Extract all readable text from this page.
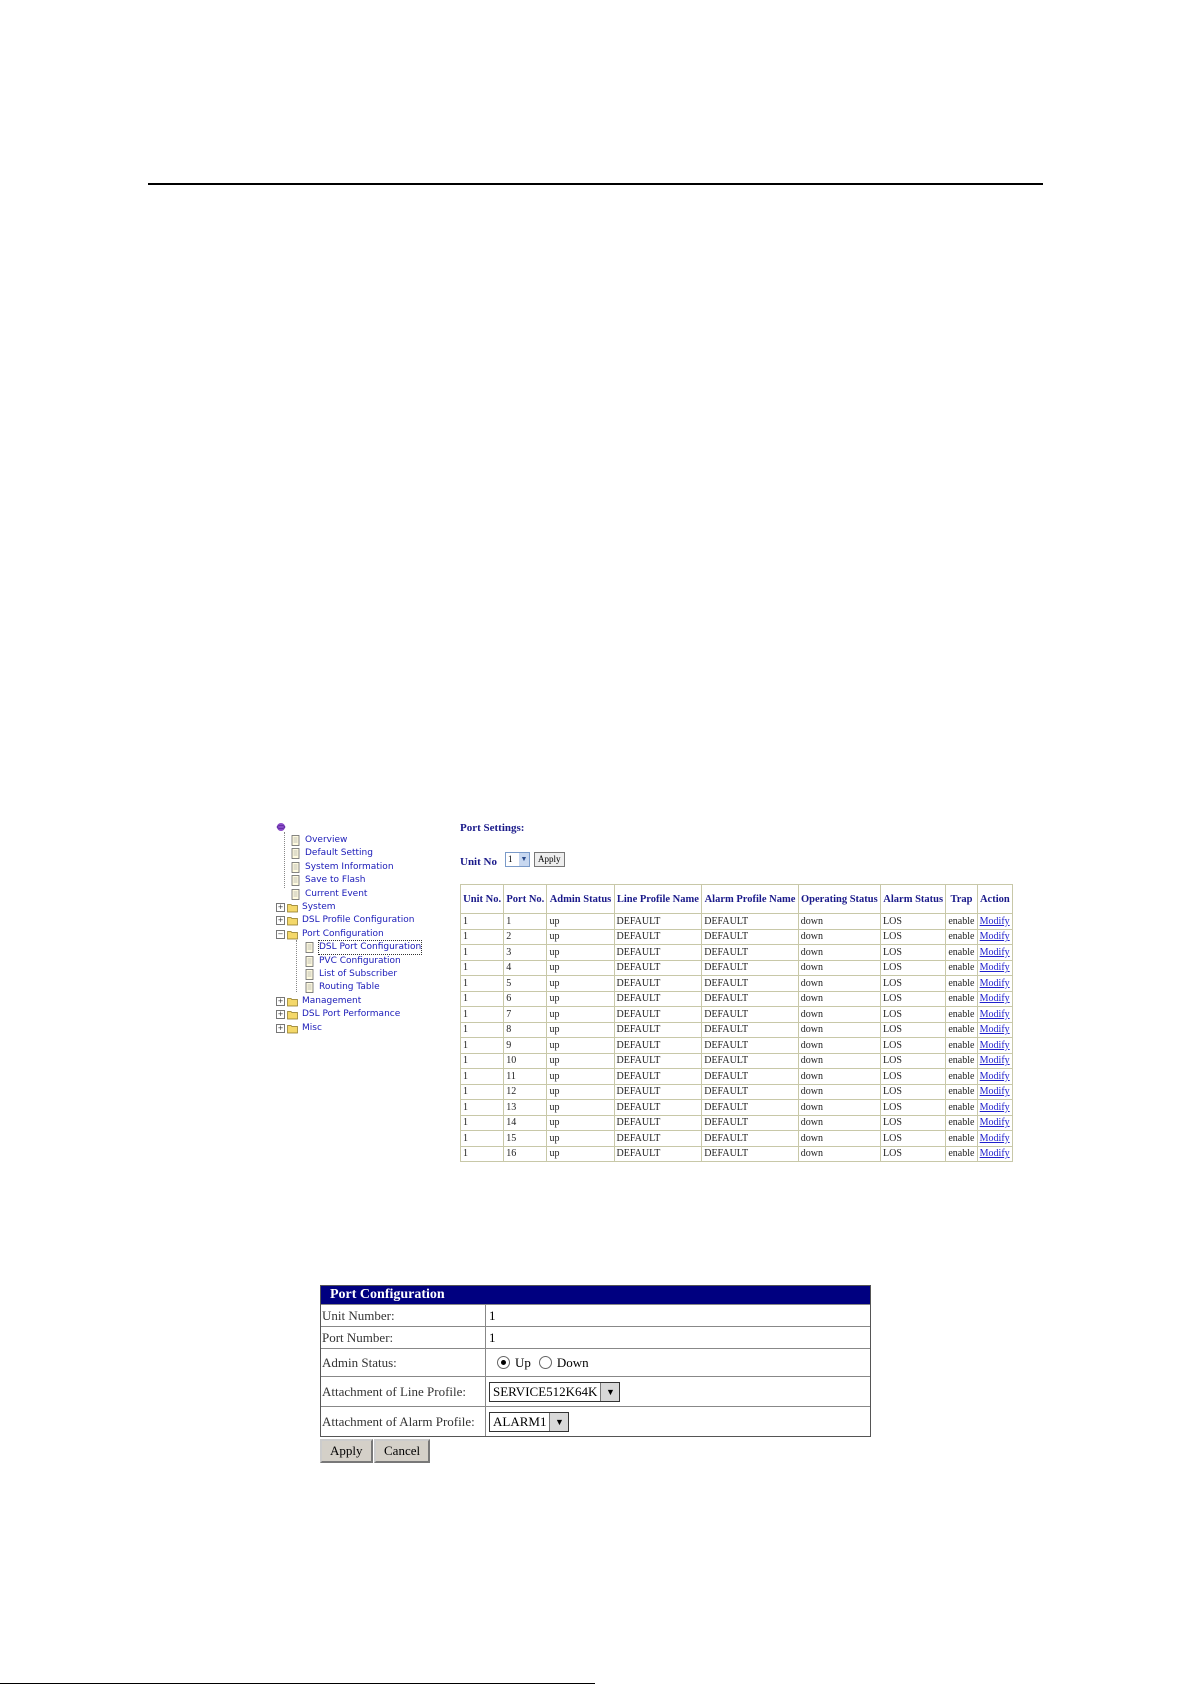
Overview
Default Setting
System Information
Save to Flash
Current Event
+ System
+ DSL Profile Configuration
− Port Configuration
DSL Port Configuration
PVC Configuration
List of Subscriber
Routing Table
+ Management
+ DSL Port Performance
+ Misc
Port Settings:
Unit No 1 ▼	Apply
Unit No.	Port No.	Admin Status	Line Profile Name	Alarm Profile Name	Operating Status	Alarm Status	Trap	Action
1	1	up	DEFAULT	DEFAULT	down	LOS	enable	Modify
1	2	up	DEFAULT	DEFAULT	down	LOS	enable	Modify
1	3	up	DEFAULT	DEFAULT	down	LOS	enable	Modify
1	4	up	DEFAULT	DEFAULT	down	LOS	enable	Modify
1	5	up	DEFAULT	DEFAULT	down	LOS	enable	Modify
1	6	up	DEFAULT	DEFAULT	down	LOS	enable	Modify
1	7	up	DEFAULT	DEFAULT	down	LOS	enable	Modify
1	8	up	DEFAULT	DEFAULT	down	LOS	enable	Modify
1	9	up	DEFAULT	DEFAULT	down	LOS	enable	Modify
1	10	up	DEFAULT	DEFAULT	down	LOS	enable	Modify
1	11	up	DEFAULT	DEFAULT	down	LOS	enable	Modify
1	12	up	DEFAULT	DEFAULT	down	LOS	enable	Modify
1	13	up	DEFAULT	DEFAULT	down	LOS	enable	Modify
1	14	up	DEFAULT	DEFAULT	down	LOS	enable	Modify
1	15	up	DEFAULT	DEFAULT	down	LOS	enable	Modify
1	16	up	DEFAULT	DEFAULT	down	LOS	enable	Modify
Port Configuration
Unit Number:	1
Port Number:	1
Admin Status:	Up Down
Attachment of Line Profile:	SERVICE512K64K ▼
Attachment of Alarm Profile:	ALARM1 ▼
Apply	Cancel
